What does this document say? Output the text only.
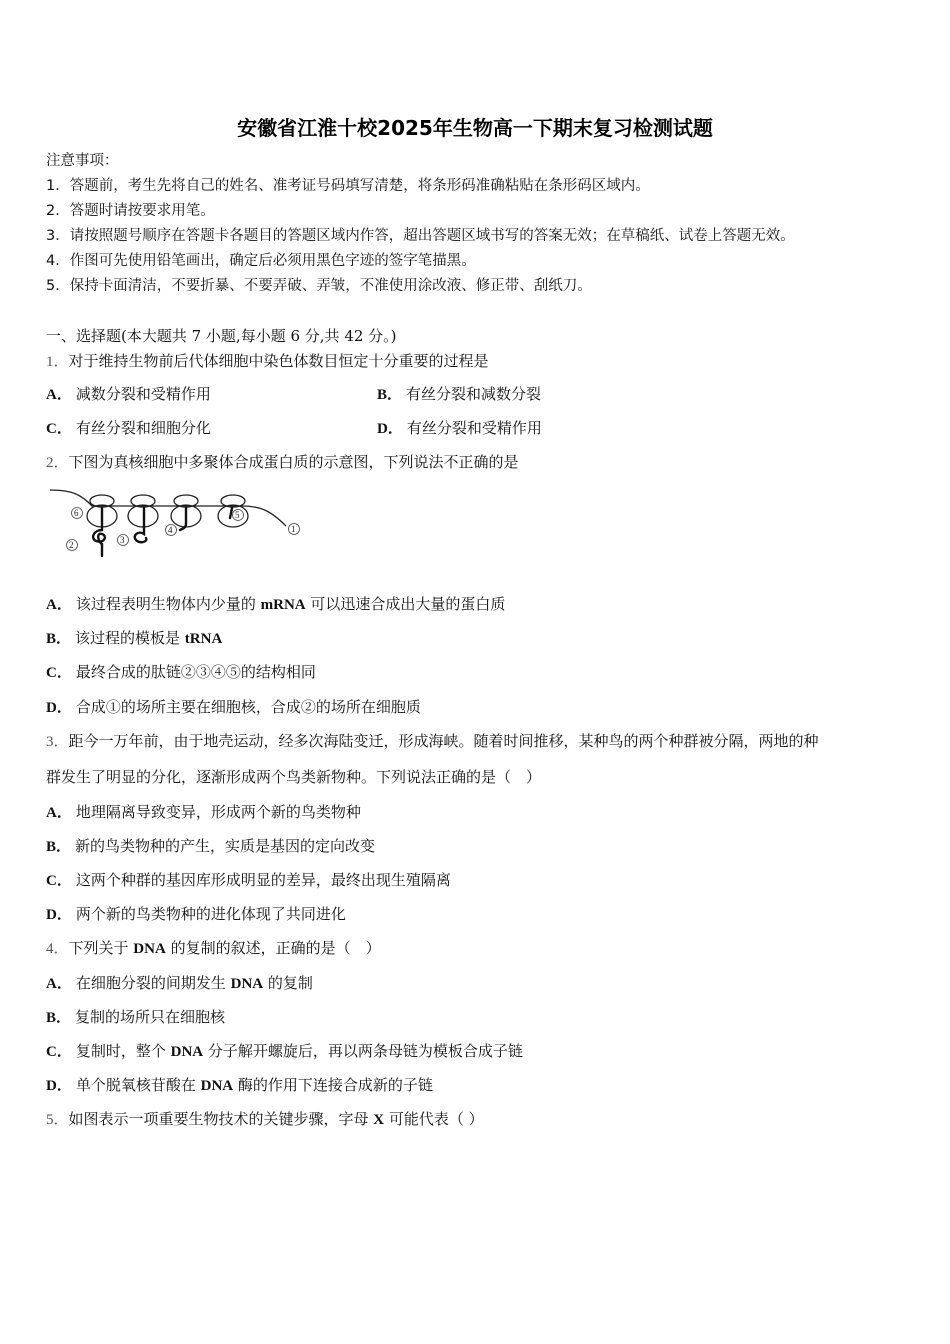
安徽省江淮十校2025年生物高一下期末复习检测试题
注意事项：
1．答题前，考生先将自己的姓名、准考证号码填写清楚，将条形码准确粘贴在条形码区域内。
2．答题时请按要求用笔。
3．请按照题号顺序在答题卡各题目的答题区域内作答，超出答题区域书写的答案无效；在草稿纸、试卷上答题无效。
4．作图可先使用铅笔画出，确定后必须用黑色字迹的签字笔描黑。
5．保持卡面清洁，不要折暴、不要弄破、弄皱，不准使用涂改液、修正带、刮纸刀。
一、选择题(本大题共 7 小题,每小题 6 分,共 42 分。)
1．对于维持生物前后代体细胞中染色体数目恒定十分重要的过程是
A． 减数分裂和受精作用	B． 有丝分裂和减数分裂
C． 有丝分裂和细胞分化	D． 有丝分裂和受精作用
2．下图为真核细胞中多聚体合成蛋白质的示意图，下列说法不正确的是
6
2	3
4
5
1
A． 该过程表明生物体内少量的 mRNA 可以迅速合成出大量的蛋白质
B． 该过程的模板是 tRNA
C． 最终合成的肽链②③④⑤的结构相同
D． 合成①的场所主要在细胞核，合成②的场所在细胞质
3．距今一万年前，由于地壳运动，经多次海陆变迁，形成海峡。随着时间推移，某种鸟的两个种群被分隔，两地的种
群发生了明显的分化，逐渐形成两个鸟类新物种。下列说法正确的是（　）
A． 地理隔离导致变异，形成两个新的鸟类物种
B． 新的鸟类物种的产生，实质是基因的定向改变
C． 这两个种群的基因库形成明显的差异，最终出现生殖隔离
D． 两个新的鸟类物种的进化体现了共同进化
4．下列关于 DNA 的复制的叙述，正确的是（　）
A． 在细胞分裂的间期发生 DNA 的复制
B． 复制的场所只在细胞核
C． 复制时，整个 DNA 分子解开螺旋后，再以两条母链为模板合成子链
D． 单个脱氧核苷酸在 DNA 酶的作用下连接合成新的子链
5．如图表示一项重要生物技术的关键步骤，字母 X 可能代表（ ）
